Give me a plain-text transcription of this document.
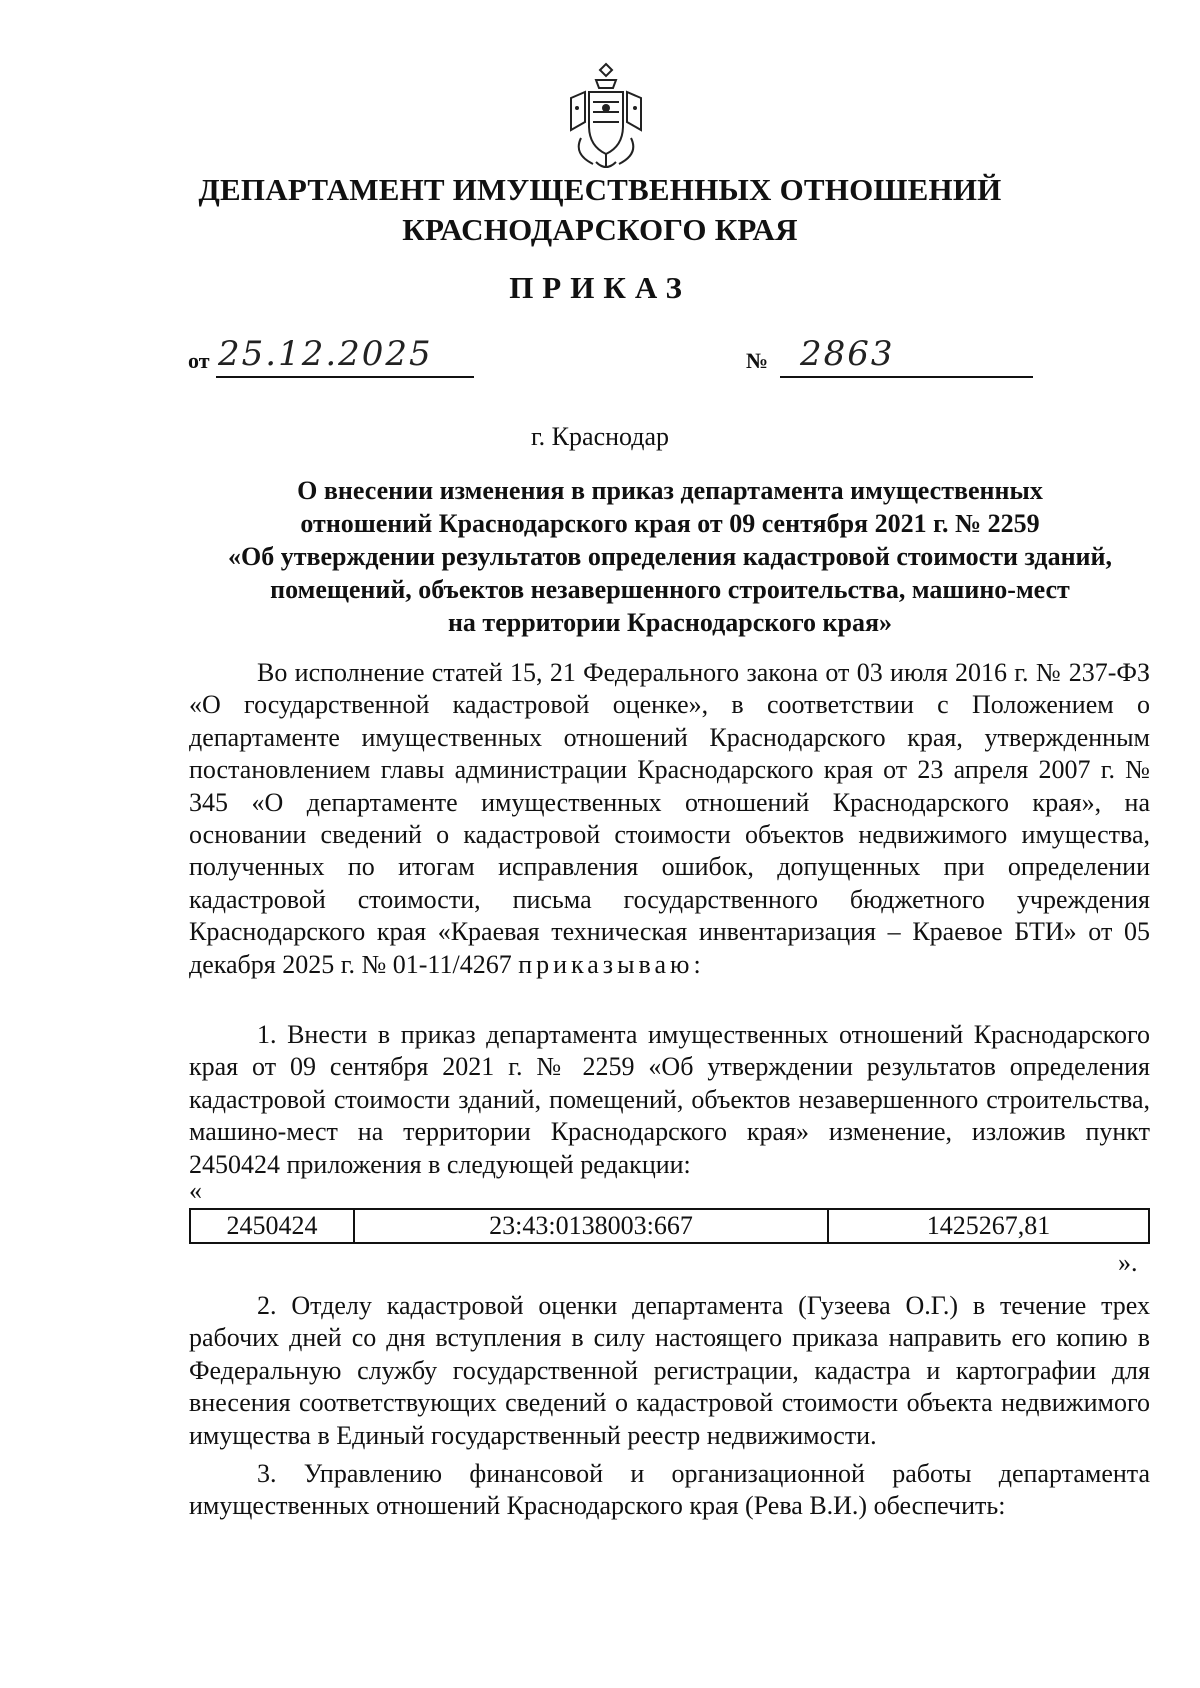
ДЕПАРТАМЕНТ ИМУЩЕСТВЕННЫХ ОТНОШЕНИЙ
КРАСНОДАРСКОГО КРАЯ
ПРИКАЗ
от 25.12.2025	№ 2863
г. Краснодар
О внесении изменения в приказ департамента имущественных
отношений Краснодарского края от 09 сентября 2021 г. № 2259
«Об утверждении результатов определения кадастровой стоимости зданий,
помещений, объектов незавершенного строительства, машино-мест
на территории Краснодарского края»
Во исполнение статей 15, 21 Федерального закона от 03 июля 2016 г. № 237-ФЗ «О государственной кадастровой оценке», в соответствии с Положением о департаменте имущественных отношений Краснодарского края, утвержденным постановлением главы администрации Краснодарского края от 23 апреля 2007 г. № 345 «О департаменте имущественных отношений Краснодарского края», на основании сведений о кадастровой стоимости объектов недвижимого имущества, полученных по итогам исправления ошибок, допущенных при определении кадастровой стоимости, письма государственного бюджетного учреждения Краснодарского края «Краевая техническая инвентаризация – Краевое БТИ» от 05 декабря 2025 г. № 01-11/4267 приказываю:
1. Внести в приказ департамента имущественных отношений Краснодарского края от 09 сентября 2021 г. № 2259 «Об утверждении результатов определения кадастровой стоимости зданий, помещений, объектов незавершенного строительства, машино-мест на территории Краснодарского края» изменение, изложив пункт 2450424 приложения в следующей редакции:
«
2450424	23:43:0138003:667	1425267,81
».
2. Отделу кадастровой оценки департамента (Гузеева О.Г.) в течение трех рабочих дней со дня вступления в силу настоящего приказа направить его копию в Федеральную службу государственной регистрации, кадастра и картографии для внесения соответствующих сведений о кадастровой стоимости объекта недвижимого имущества в Единый государственный реестр недвижимости.
3. Управлению финансовой и организационной работы департамента имущественных отношений Краснодарского края (Рева В.И.) обеспечить:
